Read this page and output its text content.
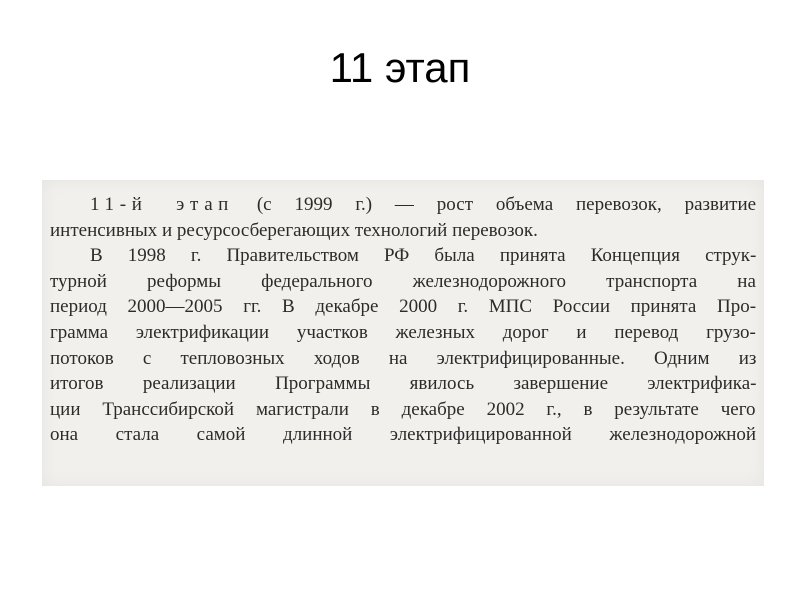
11 этап
11-й этап (с 1999 г.) — рост объема перевозок, развитие
интенсивных и ресурсосберегающих технологий перевозок.
В 1998 г. Правительством РФ была принята Концепция струк-
турной реформы федерального железнодорожного транспорта на
период 2000—2005 гг. В декабре 2000 г. МПС России принята Про-
грамма электрификации участков железных дорог и перевод грузо-
потоков с тепловозных ходов на электрифицированные. Одним из
итогов реализации Программы явилось завершение электрифика-
ции Транссибирской магистрали в декабре 2002 г., в результате чего
она стала самой длинной электрифицированной железнодорожной
